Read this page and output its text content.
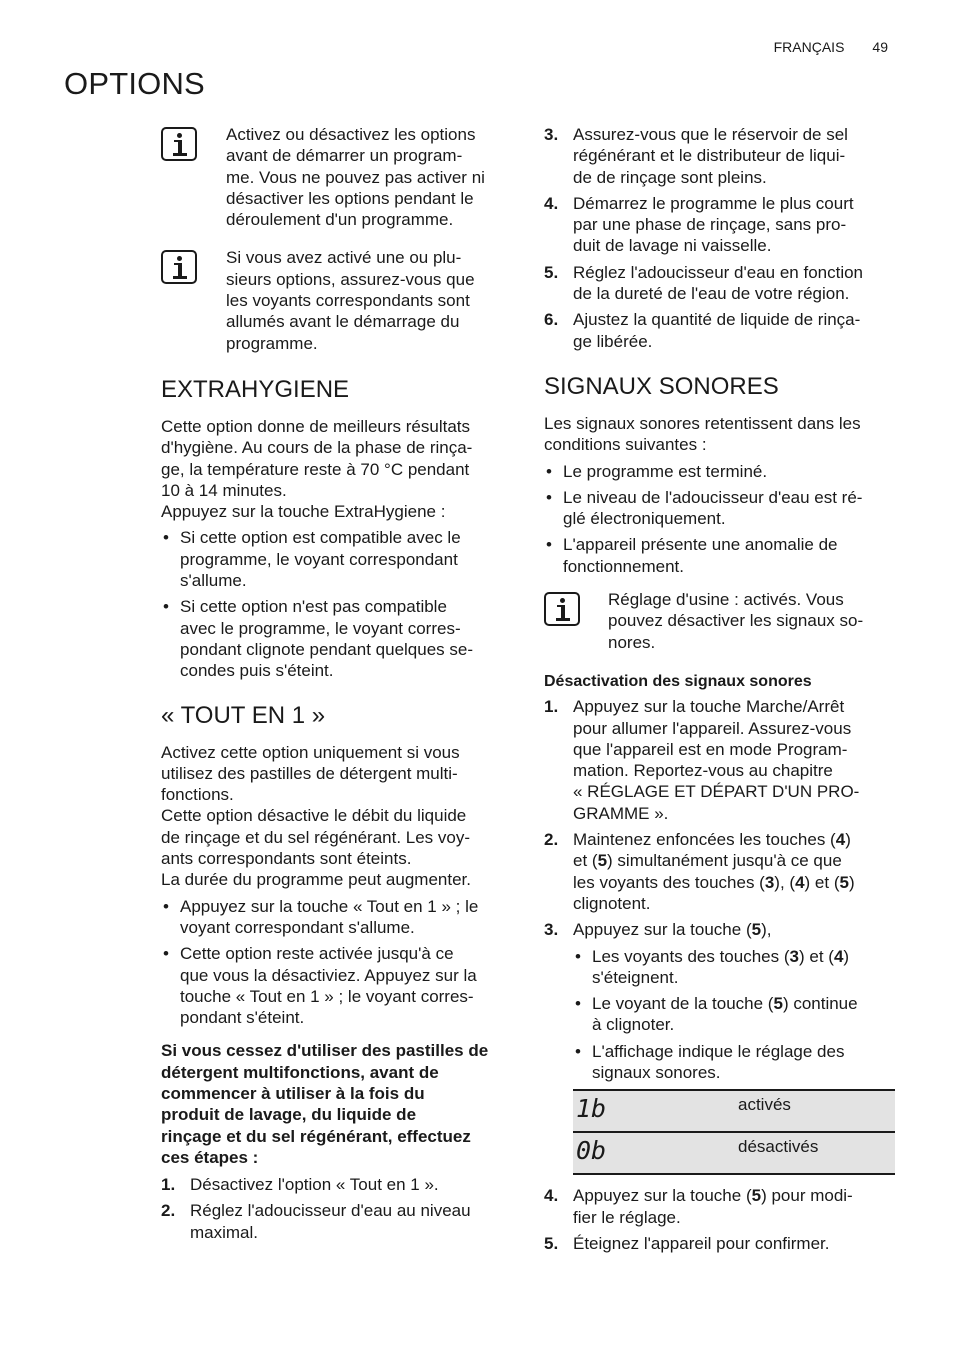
FRANÇAIS 49
OPTIONS
Activez ou désactivez les options
avant de démarrer un program-
me. Vous ne pouvez pas activer ni
désactiver les options pendant le
déroulement d'un programme.
Si vous avez activé une ou plu-
sieurs options, assurez-vous que
les voyants correspondants sont
allumés avant le démarrage du
programme.
EXTRAHYGIENE
Cette option donne de meilleurs résultats
d'hygiène. Au cours de la phase de rinça-
ge, la température reste à 70 °C pendant
10 à 14 minutes.
Appuyez sur la touche ExtraHygiene :
• Si cette option est compatible avec le
programme, le voyant correspondant
s'allume.
• Si cette option n'est pas compatible
avec le programme, le voyant corres-
pondant clignote pendant quelques se-
condes puis s'éteint.
« TOUT EN 1 »
Activez cette option uniquement si vous
utilisez des pastilles de détergent multi-
fonctions.
Cette option désactive le débit du liquide
de rinçage et du sel régénérant. Les voy-
ants correspondants sont éteints.
La durée du programme peut augmenter.
• Appuyez sur la touche « Tout en 1 » ; le
voyant correspondant s'allume.
• Cette option reste activée jusqu'à ce
que vous la désactiviez. Appuyez sur la
touche « Tout en 1 » ; le voyant corres-
pondant s'éteint.
Si vous cessez d'utiliser des pastilles de
détergent multifonctions, avant de
commencer à utiliser à la fois du
produit de lavage, du liquide de
rinçage et du sel régénérant, effectuez
ces étapes :
1. Désactivez l'option « Tout en 1 ».
2. Réglez l'adoucisseur d'eau au niveau
maximal.
3. Assurez-vous que le réservoir de sel
régénérant et le distributeur de liqui-
de de rinçage sont pleins.
4. Démarrez le programme le plus court
par une phase de rinçage, sans pro-
duit de lavage ni vaisselle.
5. Réglez l'adoucisseur d'eau en fonction
de la dureté de l'eau de votre région.
6. Ajustez la quantité de liquide de rinça-
ge libérée.
SIGNAUX SONORES
Les signaux sonores retentissent dans les
conditions suivantes :
• Le programme est terminé.
• Le niveau de l'adoucisseur d'eau est ré-
glé électroniquement.
• L'appareil présente une anomalie de
fonctionnement.
Réglage d'usine : activés. Vous
pouvez désactiver les signaux so-
nores.
Désactivation des signaux sonores
1. Appuyez sur la touche Marche/Arrêt
pour allumer l'appareil. Assurez-vous
que l'appareil est en mode Program-
mation. Reportez-vous au chapitre
« RÉGLAGE ET DÉPART D'UN PRO-
GRAMME ».
2. Maintenez enfoncées les touches (4)
et (5) simultanément jusqu'à ce que
les voyants des touches (3), (4) et (5)
clignotent.
3. Appuyez sur la touche (5),
• Les voyants des touches (3) et (4)
s'éteignent.
• Le voyant de la touche (5) continue
à clignoter.
• L'affichage indique le réglage des
signaux sonores.
1b	activés
0b	désactivés
4. Appuyez sur la touche (5) pour modi-
fier le réglage.
5. Éteignez l'appareil pour confirmer.
